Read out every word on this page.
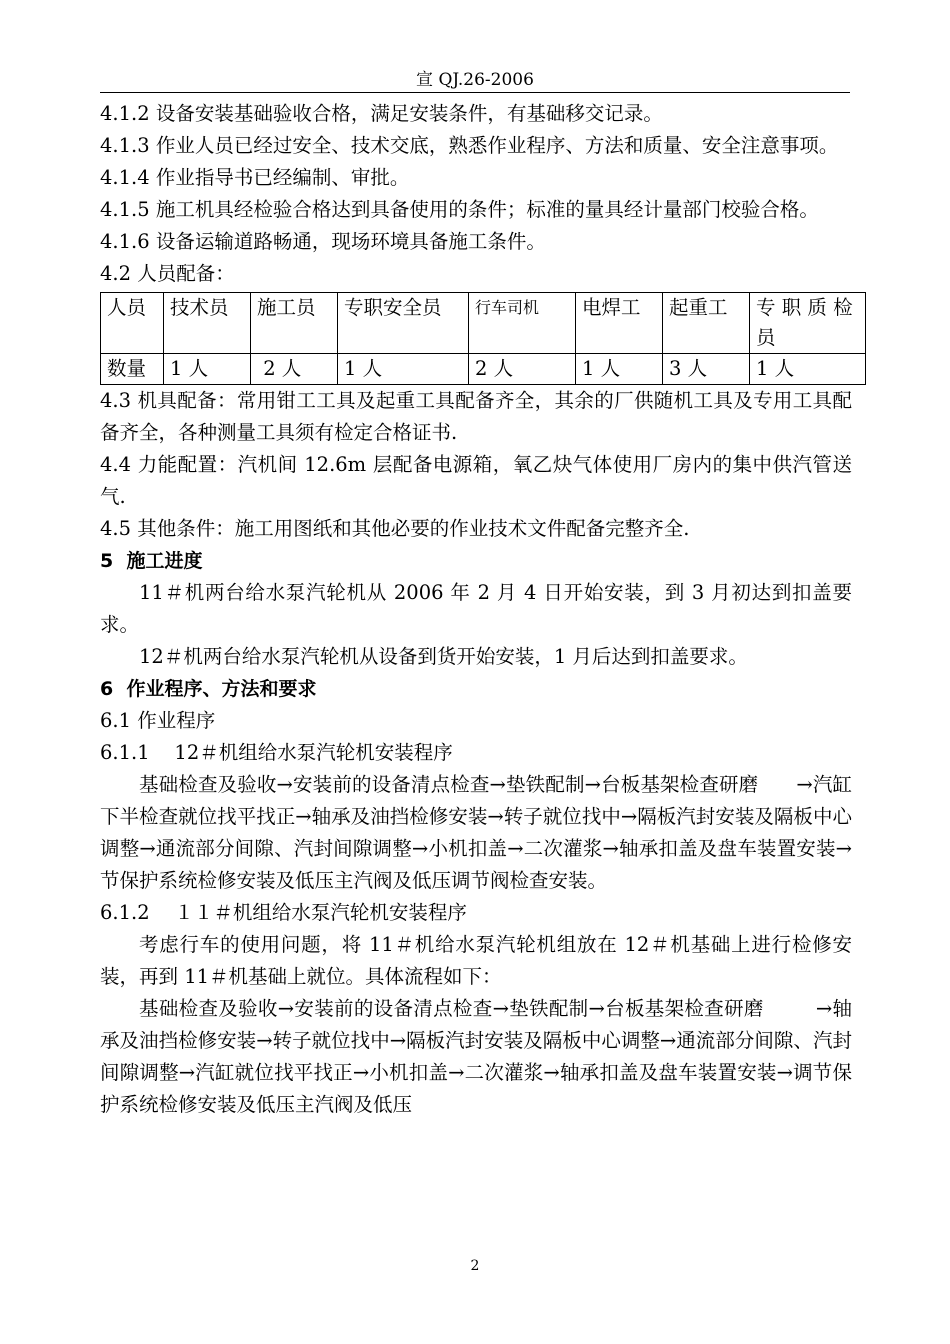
宣 QJ.26-2006

4.1.2 设备安装基础验收合格，满足安装条件，有基础移交记录。

4.1.3 作业人员已经过安全、技术交底，熟悉作业程序、方法和质量、安全注意事项。

4.1.4 作业指导书已经编制、审批。

4.1.5 施工机具经检验合格达到具备使用的条件；标准的量具经计量部门校验合格。

4.1.6 设备运输道路畅通，现场环境具备施工条件。

4.2 人员配备：

人员	技术员	施工员	专职安全员	行车司机	电焊工	起重工	专 职 质 检 员
数量	1 人	2 人	1 人	2 人	1 人	3 人	1 人

4.3 机具配备：常用钳工工具及起重工具配备齐全，其余的厂供随机工具及专用工具配备齐全，各种测量工具须有检定合格证书.

4.4 力能配置：汽机间 12.6m 层配备电源箱，氧乙炔气体使用厂房内的集中供汽管送气.

4.5 其他条件：施工用图纸和其他必要的作业技术文件配备完整齐全.

5  施工进度

11＃机两台给水泵汽轮机从 2006 年 2 月 4 日开始安装，到 3 月初达到扣盖要求。

12＃机两台给水泵汽轮机从设备到货开始安装，1 月后达到扣盖要求。

6  作业程序、方法和要求

6.1 作业程序

6.1.1    12＃机组给水泵汽轮机安装程序

基础检查及验收→安装前的设备清点检查→垫铁配制→台板基架检查研磨      →汽缸下半检查就位找平找正→轴承及油挡检修安装→转子就位找中→隔板汽封安装及隔板中心调整→通流部分间隙、汽封间隙调整→小机扣盖→二次灌浆→轴承扣盖及盘车装置安装→节保护系统检修安装及低压主汽阀及低压调节阀检查安装。

6.1.2    １１＃机组给水泵汽轮机安装程序

考虑行车的使用问题，将 11＃机给水泵汽轮机组放在 12＃机基础上进行检修安装，再到 11＃机基础上就位。具体流程如下：

基础检查及验收→安装前的设备清点检查→垫铁配制→台板基架检查研磨        →轴承及油挡检修安装→转子就位找中→隔板汽封安装及隔板中心调整→通流部分间隙、汽封间隙调整→汽缸就位找平找正→小机扣盖→二次灌浆→轴承扣盖及盘车装置安装→调节保护系统检修安装及低压主汽阀及低压

2
